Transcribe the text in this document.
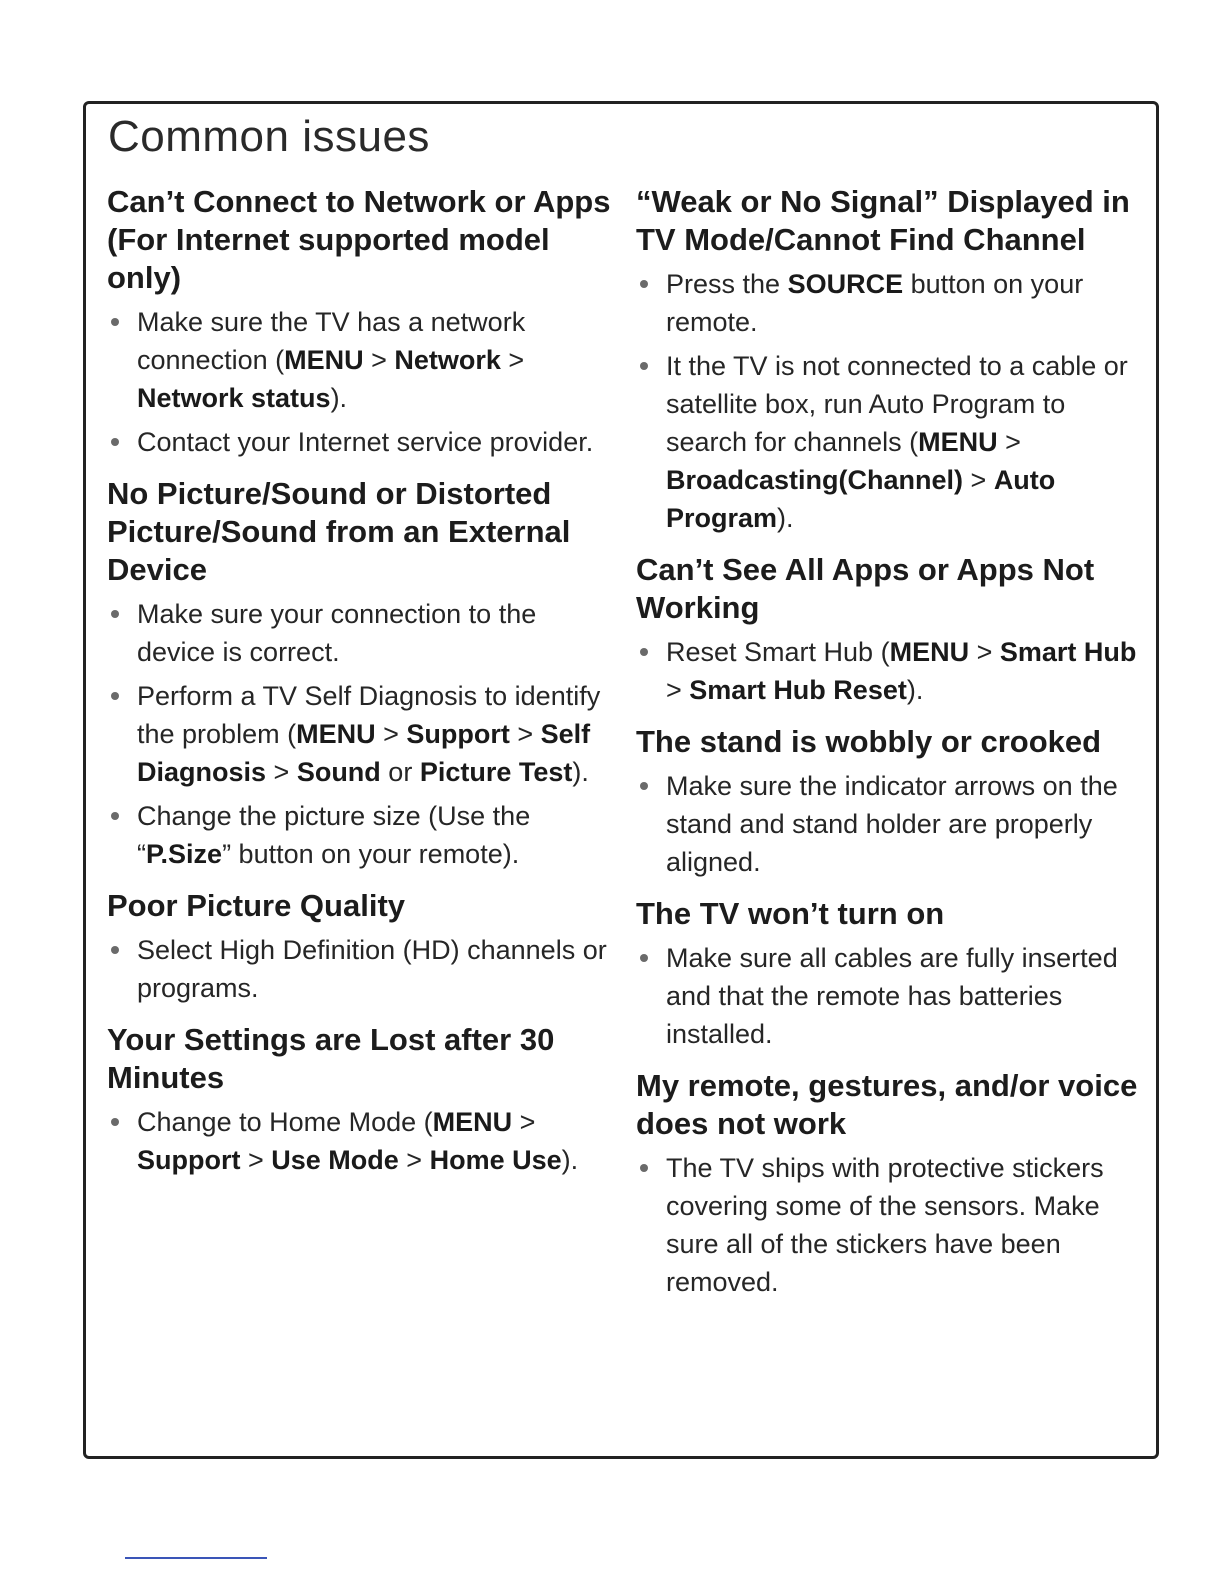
Common issues
Can’t Connect to Network or Apps (For Internet supported model only)
Make sure the TV has a network connection (MENU > Network > Network status).
Contact your Internet service provider.
No Picture/Sound or Distorted Picture/Sound from an External Device
Make sure your connection to the device is correct.
Perform a TV Self Diagnosis to identify the problem (MENU > Support > Self Diagnosis > Sound or Picture Test).
Change the picture size (Use the “P.Size” button on your remote).
Poor Picture Quality
Select High Definition (HD) channels or programs.
Your Settings are Lost after 30 Minutes
Change to Home Mode (MENU > Support > Use Mode > Home Use).
“Weak or No Signal” Displayed in TV Mode/Cannot Find Channel
Press the SOURCE button on your remote.
It the TV is not connected to a cable or satellite box, run Auto Program to search for channels (MENU > Broadcasting(Channel) > Auto Program).
Can’t See All Apps or Apps Not Working
Reset Smart Hub (MENU > Smart Hub > Smart Hub Reset).
The stand is wobbly or crooked
Make sure the indicator arrows on the stand and stand holder are properly aligned.
The TV won’t turn on
Make sure all cables are fully inserted and that the remote has batteries installed.
My remote, gestures, and/or voice does not work
The TV ships with protective stickers covering some of the sensors. Make sure all of the stickers have been removed.
